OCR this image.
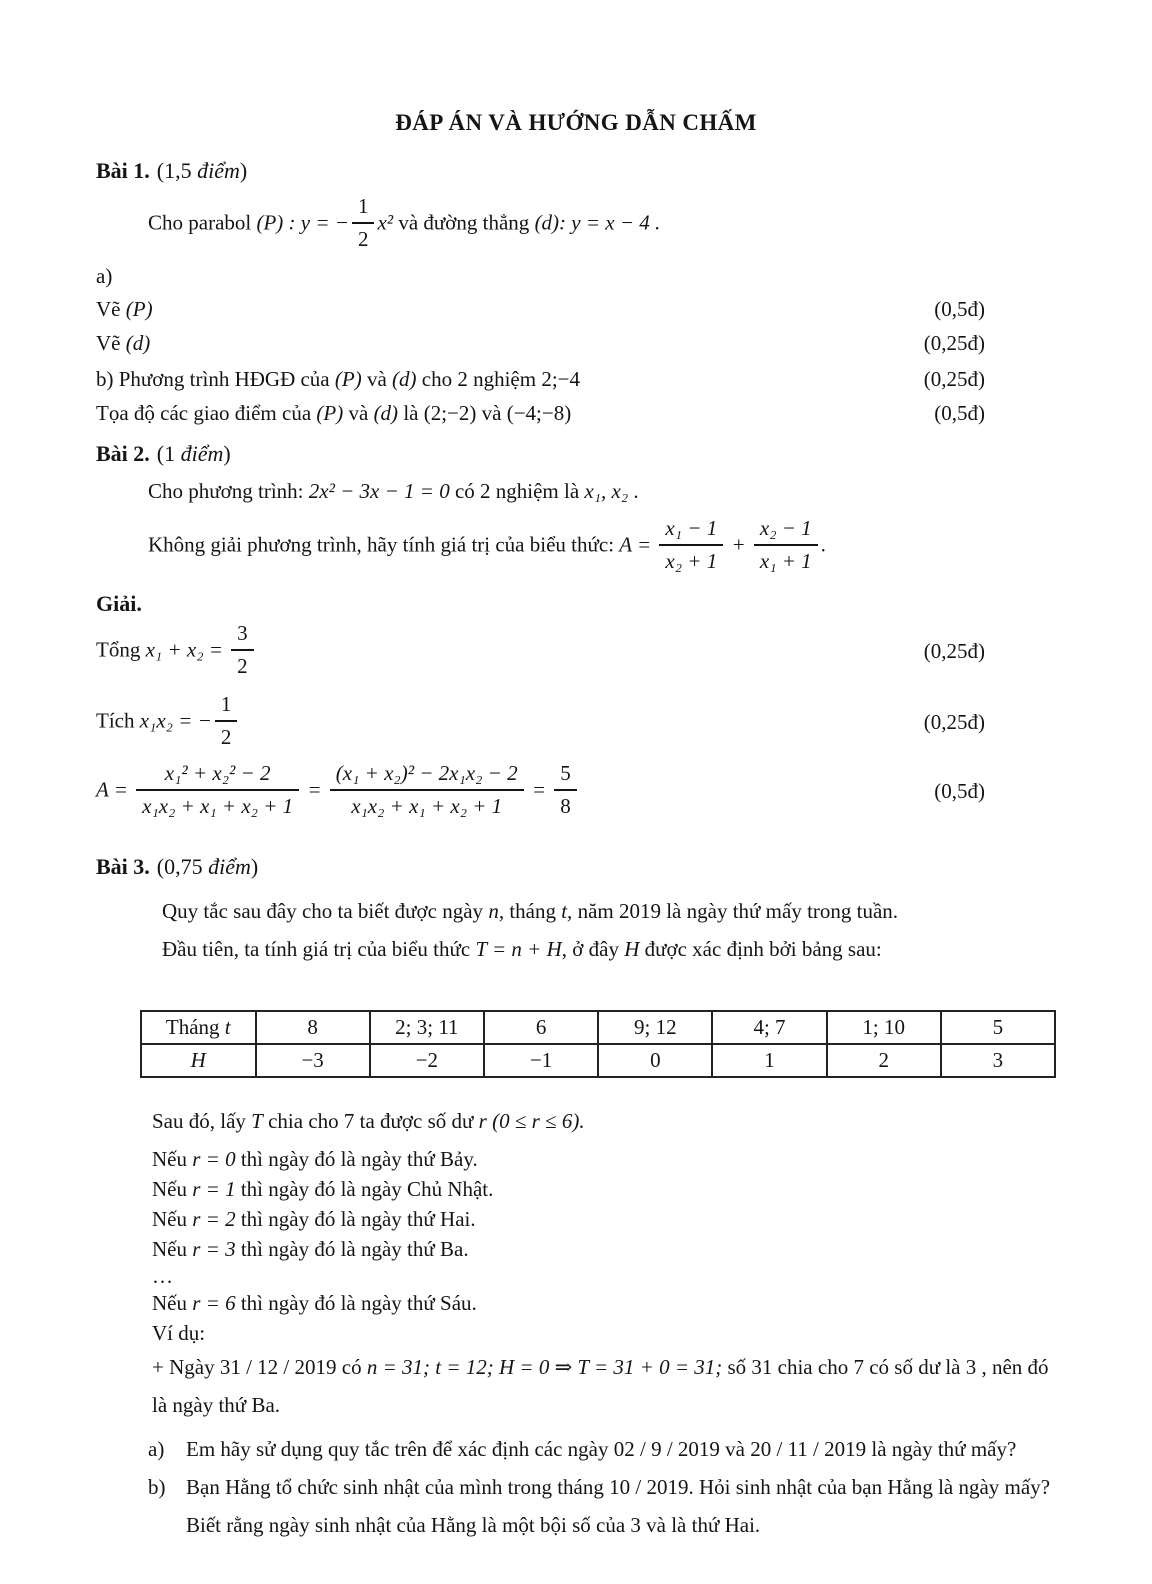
ĐÁP ÁN VÀ HƯỚNG DẪN CHẤM
Bài 1. (1,5 điểm)
Cho parabol (P) : y = − $\frac{1}{2} x^2$ và đường thẳng (d): y = x − 4 .
a)
Vẽ (P)	(0,5đ)
Vẽ (d)	(0,25đ)
b) Phương trình HĐGĐ của (P) và (d) cho 2 nghiệm 2;−4	(0,25đ)
Tọa độ các giao điểm của (P) và (d) là (2;−2) và (−4;−8)	(0,5đ)
Bài 2. (1 điểm)
Cho phương trình: 2x² − 3x − 1 = 0 có 2 nghiệm là x₁, x₂ .
Không giải phương trình, hãy tính giá trị của biểu thức: $A = \frac{\text{x₁ − 1}}{\text{x₂ + 1}} + \frac{\text{x₂ − 1}}{\text{x₁ + 1}}$ .
Giải.
Tổng $x_1 + x_2 = \frac{3}{2}$	(0,25đ)
Tích x₁x₂ = − $\frac{1}{2}$	(0,25đ)
$A = \frac{\text{x₁² + x₂² − 2}}{\text{x₁x₂ + x₁ + x₂ + 1}} = \frac{\text{(x₁ + x₂)² − 2x₁x₂ − 2}}{\text{x₁x₂ + x₁ + x₂ + 1}} = \frac{5}{8}$	(0,5đ)
Bài 3. (0,75 điểm)
Quy tắc sau đây cho ta biết được ngày n, tháng t, năm 2019 là ngày thứ mấy trong tuần.
Đầu tiên, ta tính giá trị của biểu thức T = n + H, ở đây H được xác định bởi bảng sau:
Tháng t	8	2; 3; 11	6	9; 12	4; 7	1; 10	5
H	−3	−2	−1	0	1	2	3
Sau đó, lấy T chia cho 7 ta được số dư r (0 ≤ r ≤ 6).
Nếu r = 0 thì ngày đó là ngày thứ Bảy.
Nếu r = 1 thì ngày đó là ngày Chủ Nhật.
Nếu r = 2 thì ngày đó là ngày thứ Hai.
Nếu r = 3 thì ngày đó là ngày thứ Ba.
…
Nếu r = 6 thì ngày đó là ngày thứ Sáu.
Ví dụ:
+ Ngày 31 / 12 / 2019 có n = 31; t = 12; H = 0 ⇒ T = 31 + 0 = 31; số 31 chia cho 7 có số dư là 3 , nên đó là ngày thứ Ba.
a)	Em hãy sử dụng quy tắc trên để xác định các ngày 02 / 9 / 2019 và 20 / 11 / 2019 là ngày thứ mấy?
b) Bạn Hằng tổ chức sinh nhật của mình trong tháng 10 / 2019. Hỏi sinh nhật của bạn Hằng là ngày mấy? Biết rằng ngày sinh nhật của Hằng là một bội số của 3 và là thứ Hai.
